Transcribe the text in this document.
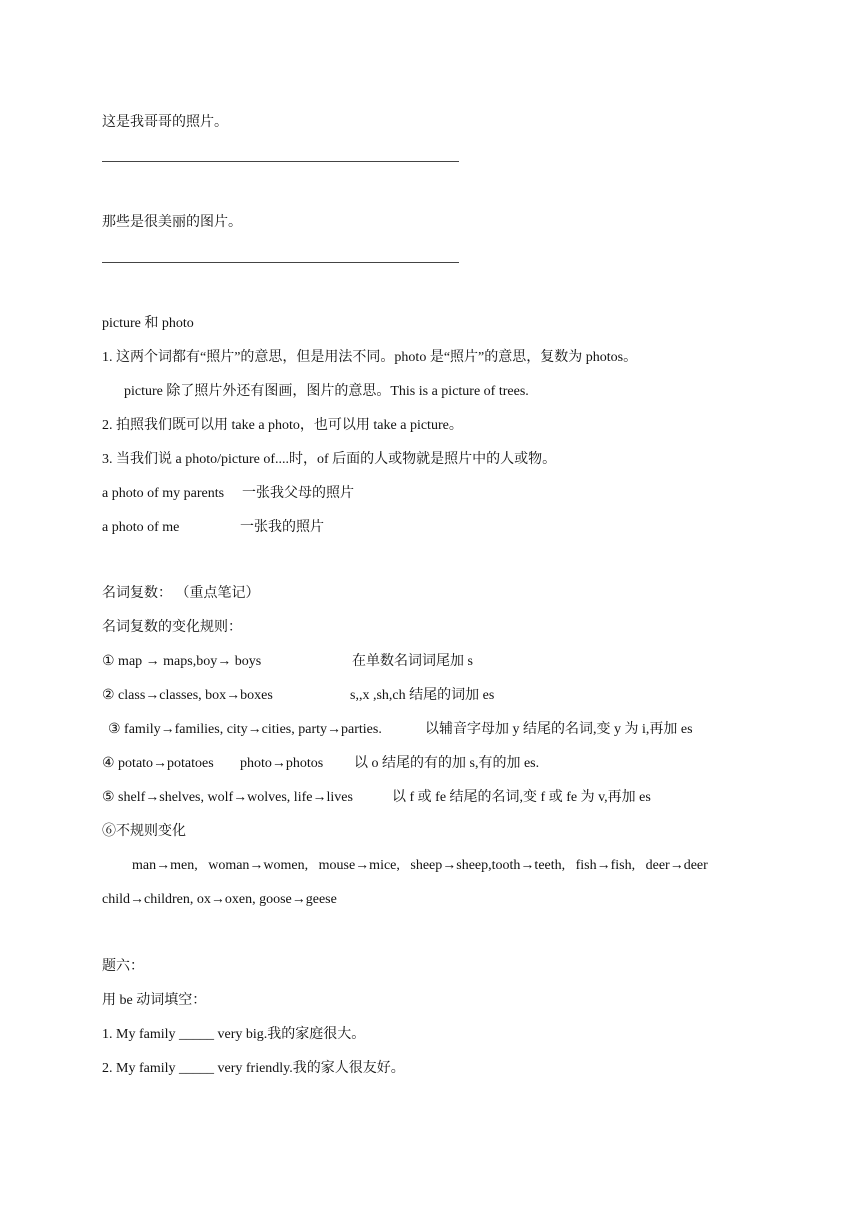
这是我哥哥的照片。
那些是很美丽的图片。
picture 和 photo
1. 这两个词都有“照片”的意思，但是用法不同。photo 是“照片”的意思，复数为 photos。
picture 除了照片外还有图画，图片的意思。This is a picture of trees.
2. 拍照我们既可以用 take a photo，也可以用 take a picture。
3. 当我们说 a photo/picture of....时，of 后面的人或物就是照片中的人或物。
a photo of my parents 一张我父母的照片
a photo of me	一张我的照片
名词复数： （重点笔记）
名词复数的变化规则：
① map → maps,boy→ boys	在单数名词词尾加 s
② class→classes, box→boxes	s,,x ,sh,ch 结尾的词加 es
③ family→families, city→cities, party→parties.	以辅音字母加 y 结尾的名词,变 y 为 i,再加 es
④ potato→potatoes photo→photos 以 o 结尾的有的加 s,有的加 es.
⑤ shelf→shelves, wolf→wolves, life→lives	以 f 或 fe 结尾的名词,变 f 或 fe 为 v,再加 es
⑥不规则变化
man→men,   woman→women,   mouse→mice,   sheep→sheep,tooth→teeth,   fish→fish,   deer→deer
child→children, ox→oxen, goose→geese
题六：
用 be 动词填空：
1. My family _____ very big.我的家庭很大。
2. My family _____ very friendly.我的家人很友好。
